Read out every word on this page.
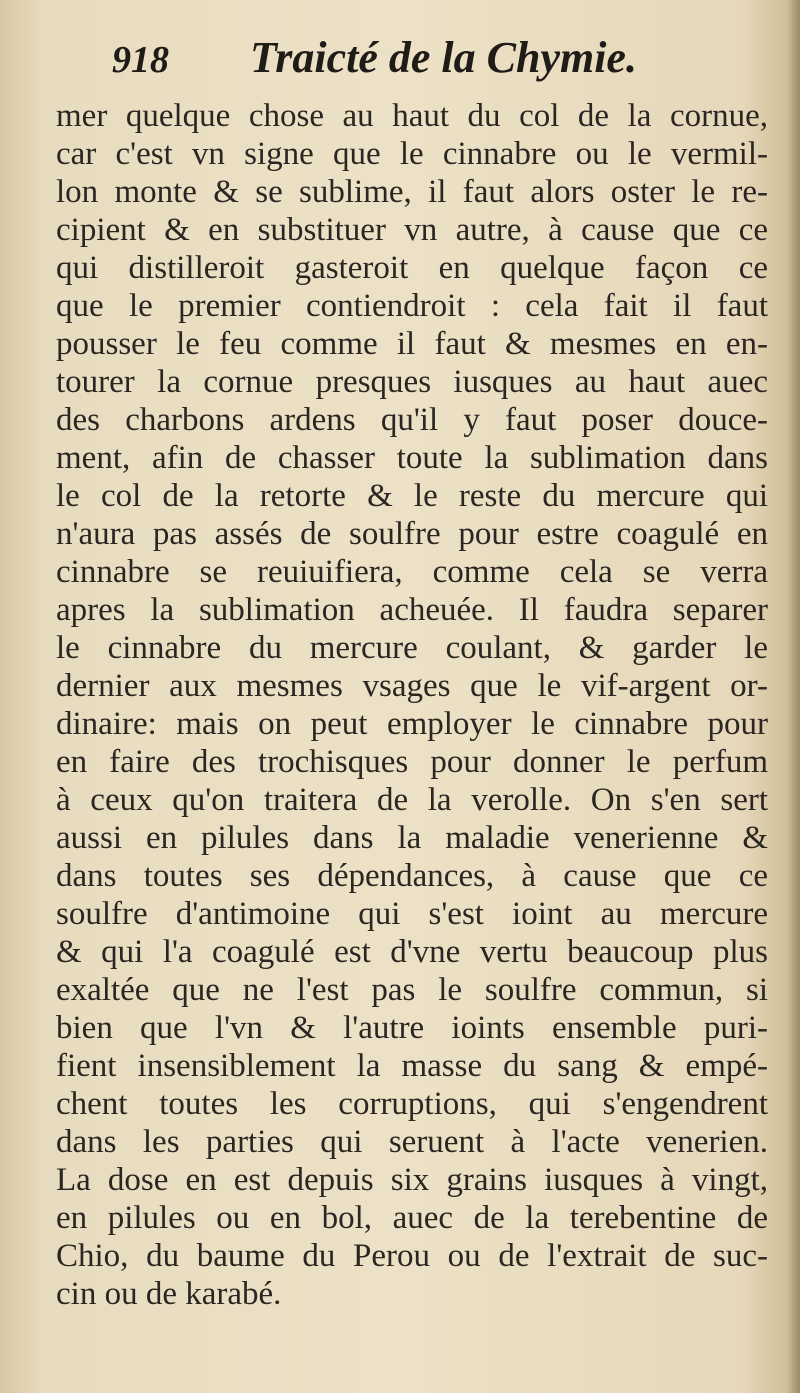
918 Traicté de la Chymie.
mer quelque chose au haut du col de la cornue,
car c'est vn signe que le cinnabre ou le vermil-
lon monte & se sublime, il faut alors oster le re-
cipient & en substituer vn autre, à cause que ce
qui distilleroit gasteroit en quelque façon ce
que le premier contiendroit : cela fait il faut
pousser le feu comme il faut & mesmes en en-
tourer la cornue presques iusques au haut auec
des charbons ardens qu'il y faut poser douce-
ment, afin de chasser toute la sublimation dans
le col de la retorte & le reste du mercure qui
n'aura pas assés de soulfre pour estre coagulé en
cinnabre se reuiuifiera, comme cela se verra
apres la sublimation acheuée. Il faudra separer
le cinnabre du mercure coulant, & garder le
dernier aux mesmes vsages que le vif-argent or-
dinaire: mais on peut employer le cinnabre pour
en faire des trochisques pour donner le perfum
à ceux qu'on traitera de la verolle. On s'en sert
aussi en pilules dans la maladie venerienne &
dans toutes ses dépendances, à cause que ce
soulfre d'antimoine qui s'est ioint au mercure
& qui l'a coagulé est d'vne vertu beaucoup plus
exaltée que ne l'est pas le soulfre commun, si
bien que l'vn & l'autre ioints ensemble puri-
fient insensiblement la masse du sang & empé-
chent toutes les corruptions, qui s'engendrent
dans les parties qui seruent à l'acte venerien.
La dose en est depuis six grains iusques à vingt,
en pilules ou en bol, auec de la terebentine de
Chio, du baume du Perou ou de l'extrait de suc-
cin ou de karabé.
